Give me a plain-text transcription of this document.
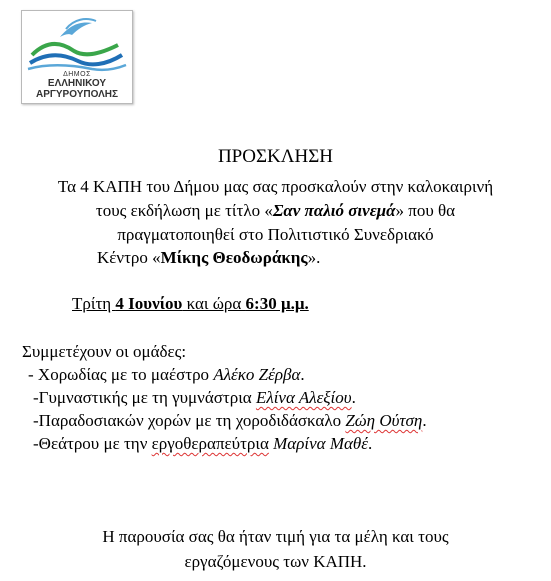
ΔΗΜΟΣ
ΕΛΛΗΝΙΚΟΥ
ΑΡΓΥΡΟΥΠΟΛΗΣ
ΠΡΟΣΚΛΗΣΗ
Τα 4 ΚΑΠΗ του Δήμου μας σας προσκαλούν στην καλοκαιρινή
τους εκδήλωση με τίτλο «Σαν παλιό σινεμά» που θα
πραγματοποιηθεί στο Πολιτιστικό Συνεδριακό
Κέντρο «Μίκης Θεοδωράκης».
Τρίτη 4 Ιουνίου και ώρα 6:30 μ.μ.
Συμμετέχουν οι ομάδες:
- Χορωδίας με το μαέστρο Αλέκο Ζέρβα.
-Γυμναστικής με τη γυμνάστρια Ελίνα Αλεξίου.
-Παραδοσιακών χορών με τη χοροδιδάσκαλο Ζώη Ούτση.
-Θεάτρου με την εργοθεραπεύτρια Μαρίνα Μαθέ.
Η παρουσία σας θα ήταν τιμή για τα μέλη και τους
εργαζόμενους των ΚΑΠΗ.
